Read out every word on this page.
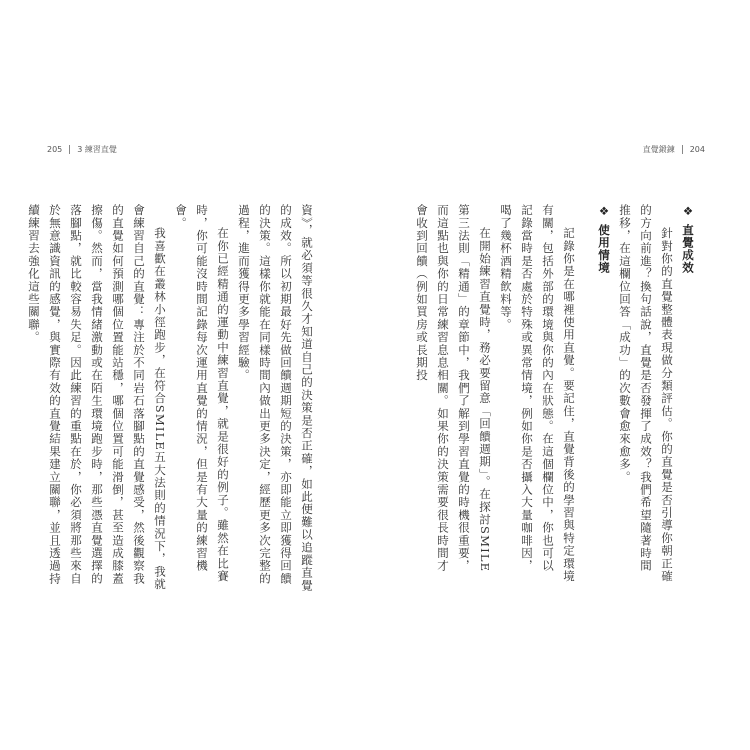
直覺鍛鍊 204

❖ 直覺成效

針對你的直覺整體表現做分類評估。你的直覺是否引導你朝正確的方向前進？換句話說，直覺是否發揮了成效？我們希望隨著時間推移，在這欄位回答「成功」的次數會愈來愈多。

❖ 使用情境

記錄你是在哪裡使用直覺。要記住，直覺背後的學習與特定環境有關，包括外部的環境與你的內在狀態。在這個欄位中，你也可以記錄當時是否處於特殊或異常情境，例如你是否攝入大量咖啡因，喝了幾杯酒精飲料等。

在開始練習直覺時，務必要留意「回饋週期」。在探討SMILE第三法則「精通」的章節中，我們了解到學習直覺的時機很重要，而這點也與你的日常練習息息相關。如果你的決策需要很長時間才會收到回饋（例如買房或長期投

205 3 練習直覺

資》，就必須等很久才知道自己的決策是否正確，如此便難以追蹤直覺的成效。所以初期最好先做回饋週期短的決策，亦即能立即獲得回饋的決策。這樣你就能在同樣時間內做出更多決定，經歷更多次完整的過程，進而獲得更多學習經驗。

在你已經精通的運動中練習直覺，就是很好的例子。雖然在比賽時，你可能沒時間記錄每次運用直覺的情況，但是有大量的練習機會。

我喜歡在叢林小徑跑步，在符合SMILE五大法則的情況下，我就會練習自己的直覺：專注於不同岩石落腳點的直覺感受，然後觀察我的直覺如何預測哪個位置能站穩，哪個位置可能滑倒，甚至造成膝蓋擦傷。然而，當我情緒激動或在陌生環境跑步時，那些憑直覺選擇的落腳點，就比較容易失足。因此練習的重點在於，你必須將那些來自於無意識資訊的感覺，與實際有效的直覺結果建立關聯，並且透過持續練習去強化這些關聯。
